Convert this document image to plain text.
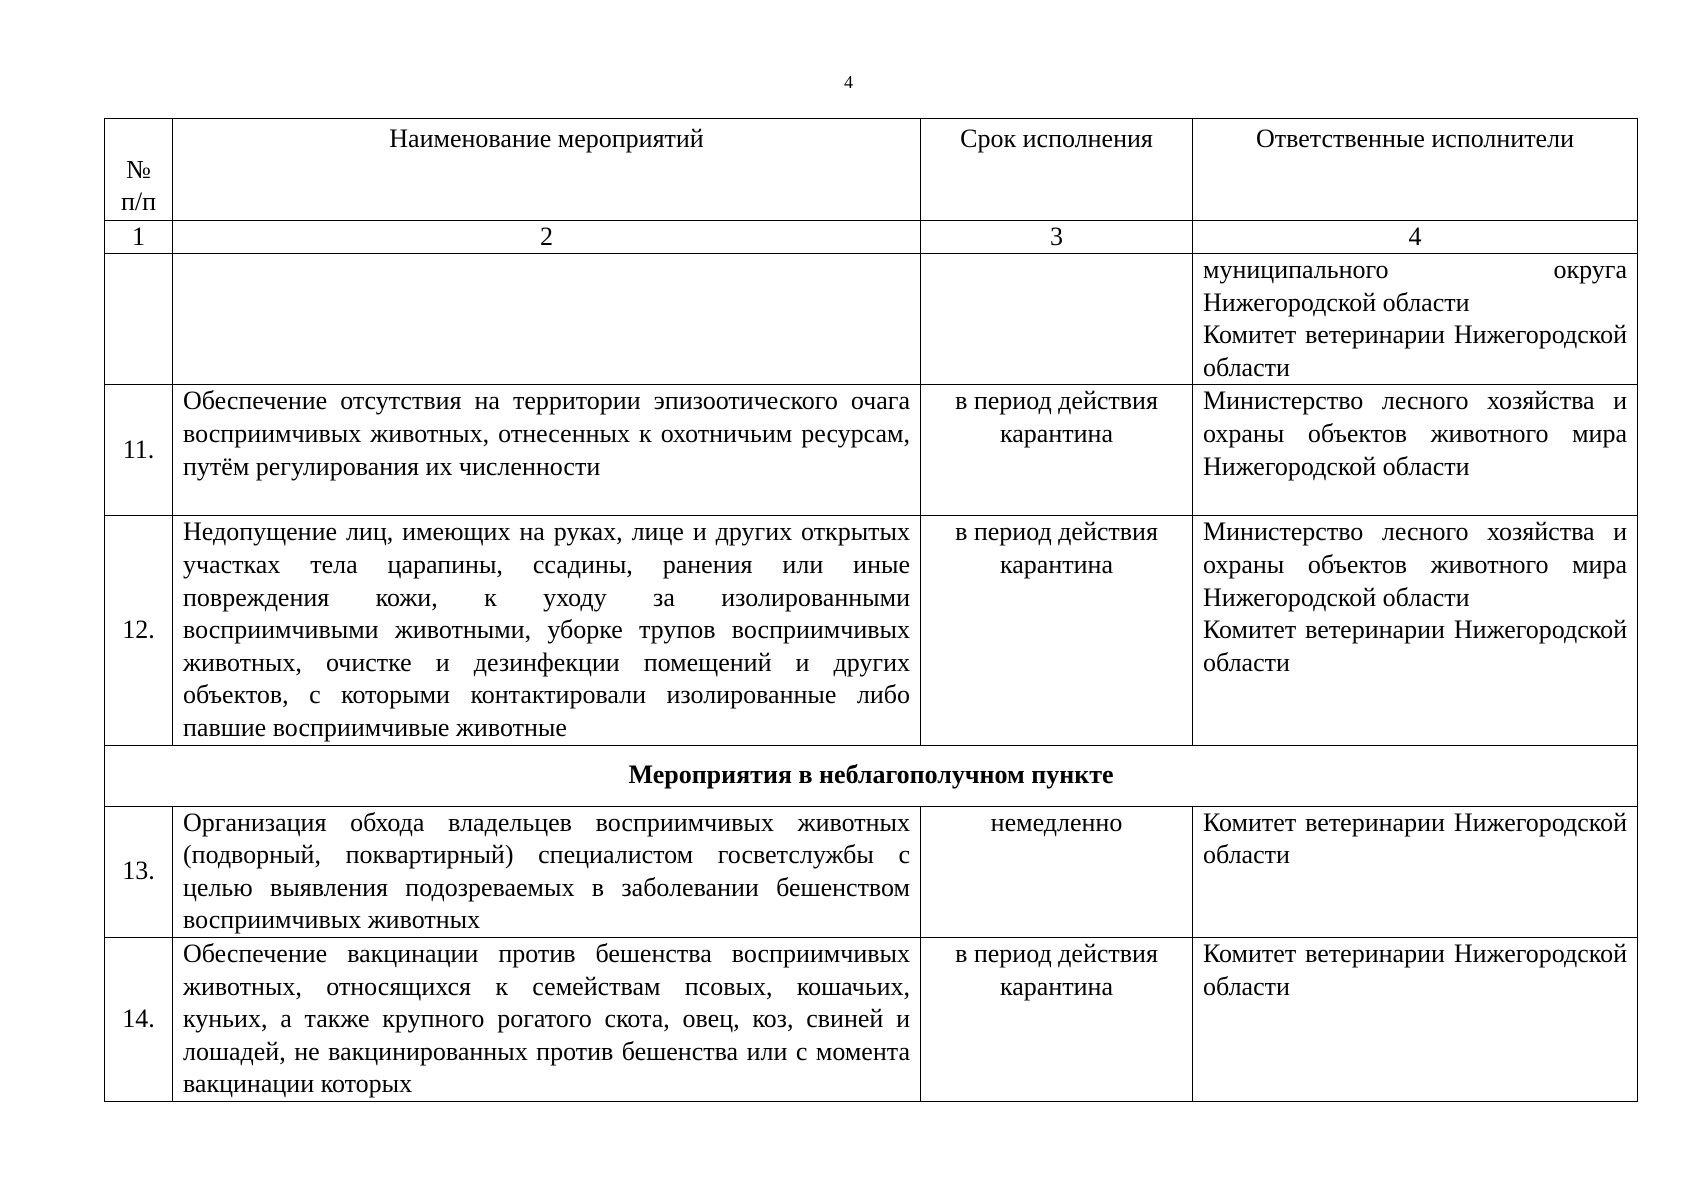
4
№
п/п	Наименование мероприятий	Срок исполнения	Ответственные исполнители
1	2	3	4

			муниципального округа Нижегородской области
Комитет ветеринарии Нижегородской области

11.	Обеспечение отсутствия на территории эпизоотического очага восприимчивых животных, отнесенных к охотничьим ресурсам, путём регулирования их численности	в период действия карантина	Министерство лесного хозяйства и охраны объектов животного мира Нижегородской области

12.	Недопущение лиц, имеющих на руках, лице и других открытых участках тела царапины, ссадины, ранения или иные повреждения кожи, к уходу за изолированными восприимчивыми животными, уборке трупов восприимчивых животных, очистке и дезинфекции помещений и других объектов, с которыми контактировали изолированные либо павшие восприимчивые животные	в период действия карантина	Министерство лесного хозяйства и охраны объектов животного мира Нижегородской области
Комитет ветеринарии Нижегородской области

Мероприятия в неблагополучном пункте			
13.	Организация обхода владельцев восприимчивых животных (подворный, поквартирный) специалистом госветслужбы с целью выявления подозреваемых в заболевании бешенством восприимчивых животных	немедленно	Комитет ветеринарии Нижегородской области

14.	Обеспечение вакцинации против бешенства восприимчивых животных, относящихся к семействам псовых, кошачьих, куньих, а также крупного рогатого скота, овец, коз, свиней и лошадей, не вакцинированных против бешенства или с момента вакцинации которых	в период действия карантина	Комитет ветеринарии Нижегородской области
